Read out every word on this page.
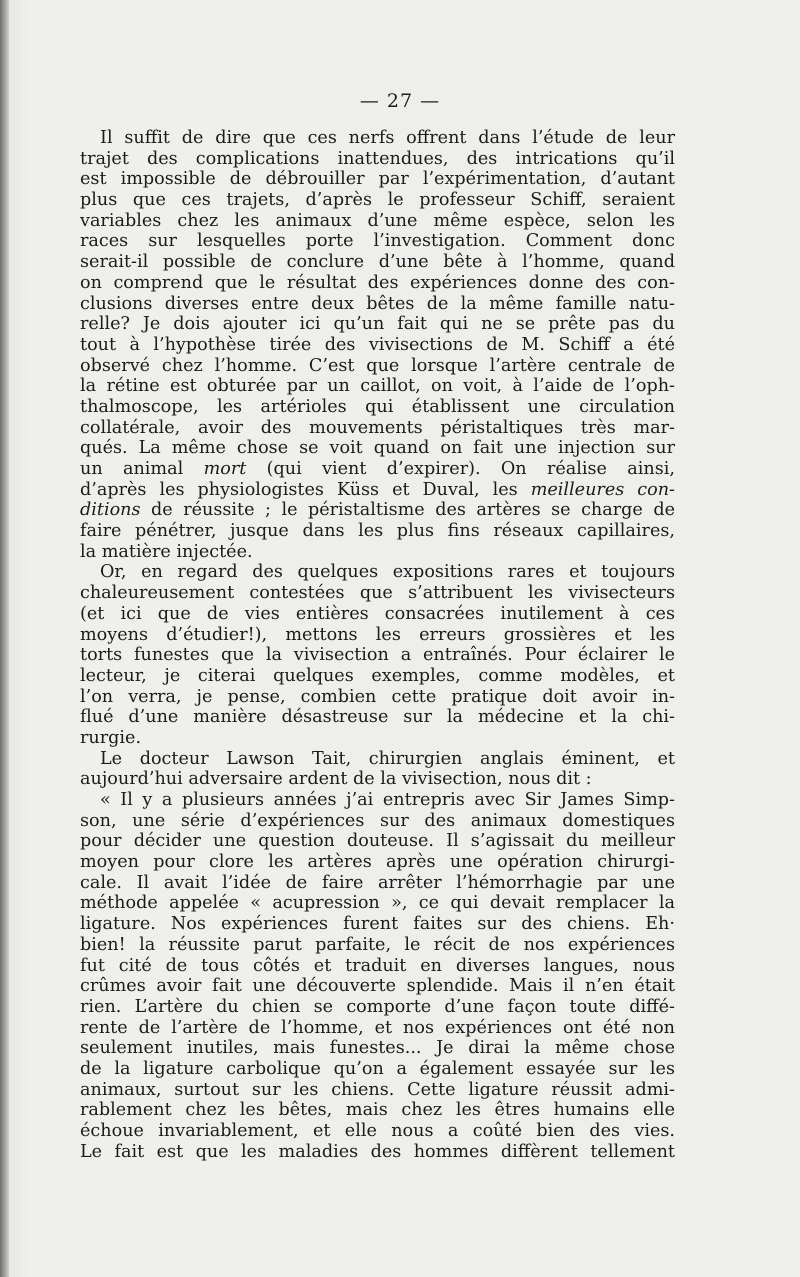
— 27 —
Il suffit de dire que ces nerfs offrent dans l’étude de leur
trajet des complications inattendues, des intrications qu’il
est impossible de débrouiller par l’expérimentation, d’autant
plus que ces trajets, d’après le professeur Schiff, seraient
variables chez les animaux d’une même espèce, selon les
races sur lesquelles porte l’investigation. Comment donc
serait-il possible de conclure d’une bête à l’homme, quand
on comprend que le résultat des expériences donne des con-
clusions diverses entre deux bêtes de la même famille natu-
relle? Je dois ajouter ici qu’un fait qui ne se prête pas du
tout à l’hypothèse tirée des vivisections de M. Schiff a été
observé chez l’homme. C’est que lorsque l’artère centrale de
la rétine est obturée par un caillot, on voit, à l’aide de l’oph-
thalmoscope, les artérioles qui établissent une circulation
collatérale, avoir des mouvements péristaltiques très mar-
qués. La même chose se voit quand on fait une injection sur
un animal mort (qui vient d’expirer). On réalise ainsi,
d’après les physiologistes Küss et Duval, les meilleures con-
ditions de réussite ; le péristaltisme des artères se charge de
faire pénétrer, jusque dans les plus fins réseaux capillaires,
la matière injectée.
Or, en regard des quelques expositions rares et toujours
chaleureusement contestées que s’attribuent les vivisecteurs
(et ici que de vies entières consacrées inutilement à ces
moyens d’étudier!), mettons les erreurs grossières et les
torts funestes que la vivisection a entraînés. Pour éclairer le
lecteur, je citerai quelques exemples, comme modèles, et
l’on verra, je pense, combien cette pratique doit avoir in-
flué d’une manière désastreuse sur la médecine et la chi-
rurgie.
Le docteur Lawson Tait, chirurgien anglais éminent, et
aujourd’hui adversaire ardent de la vivisection, nous dit :
« Il y a plusieurs années j’ai entrepris avec Sir James Simp-
son, une série d’expériences sur des animaux domestiques
pour décider une question douteuse. Il s’agissait du meilleur
moyen pour clore les artères après une opération chirurgi-
cale. Il avait l’idée de faire arrêter l’hémorrhagie par une
méthode appelée « acupression », ce qui devait remplacer la
ligature. Nos expériences furent faites sur des chiens. Eh·
bien! la réussite parut parfaite, le récit de nos expériences
fut cité de tous côtés et traduit en diverses langues, nous
crûmes avoir fait une découverte splendide. Mais il n’en était
rien. L’artère du chien se comporte d’une façon toute diffé-
rente de l’artère de l’homme, et nos expériences ont été non
seulement inutiles, mais funestes... Je dirai la même chose
de la ligature carbolique qu’on a également essayée sur les
animaux, surtout sur les chiens. Cette ligature réussit admi-
rablement chez les bêtes, mais chez les êtres humains elle
échoue invariablement, et elle nous a coûté bien des vies.
Le fait est que les maladies des hommes diffèrent tellement
